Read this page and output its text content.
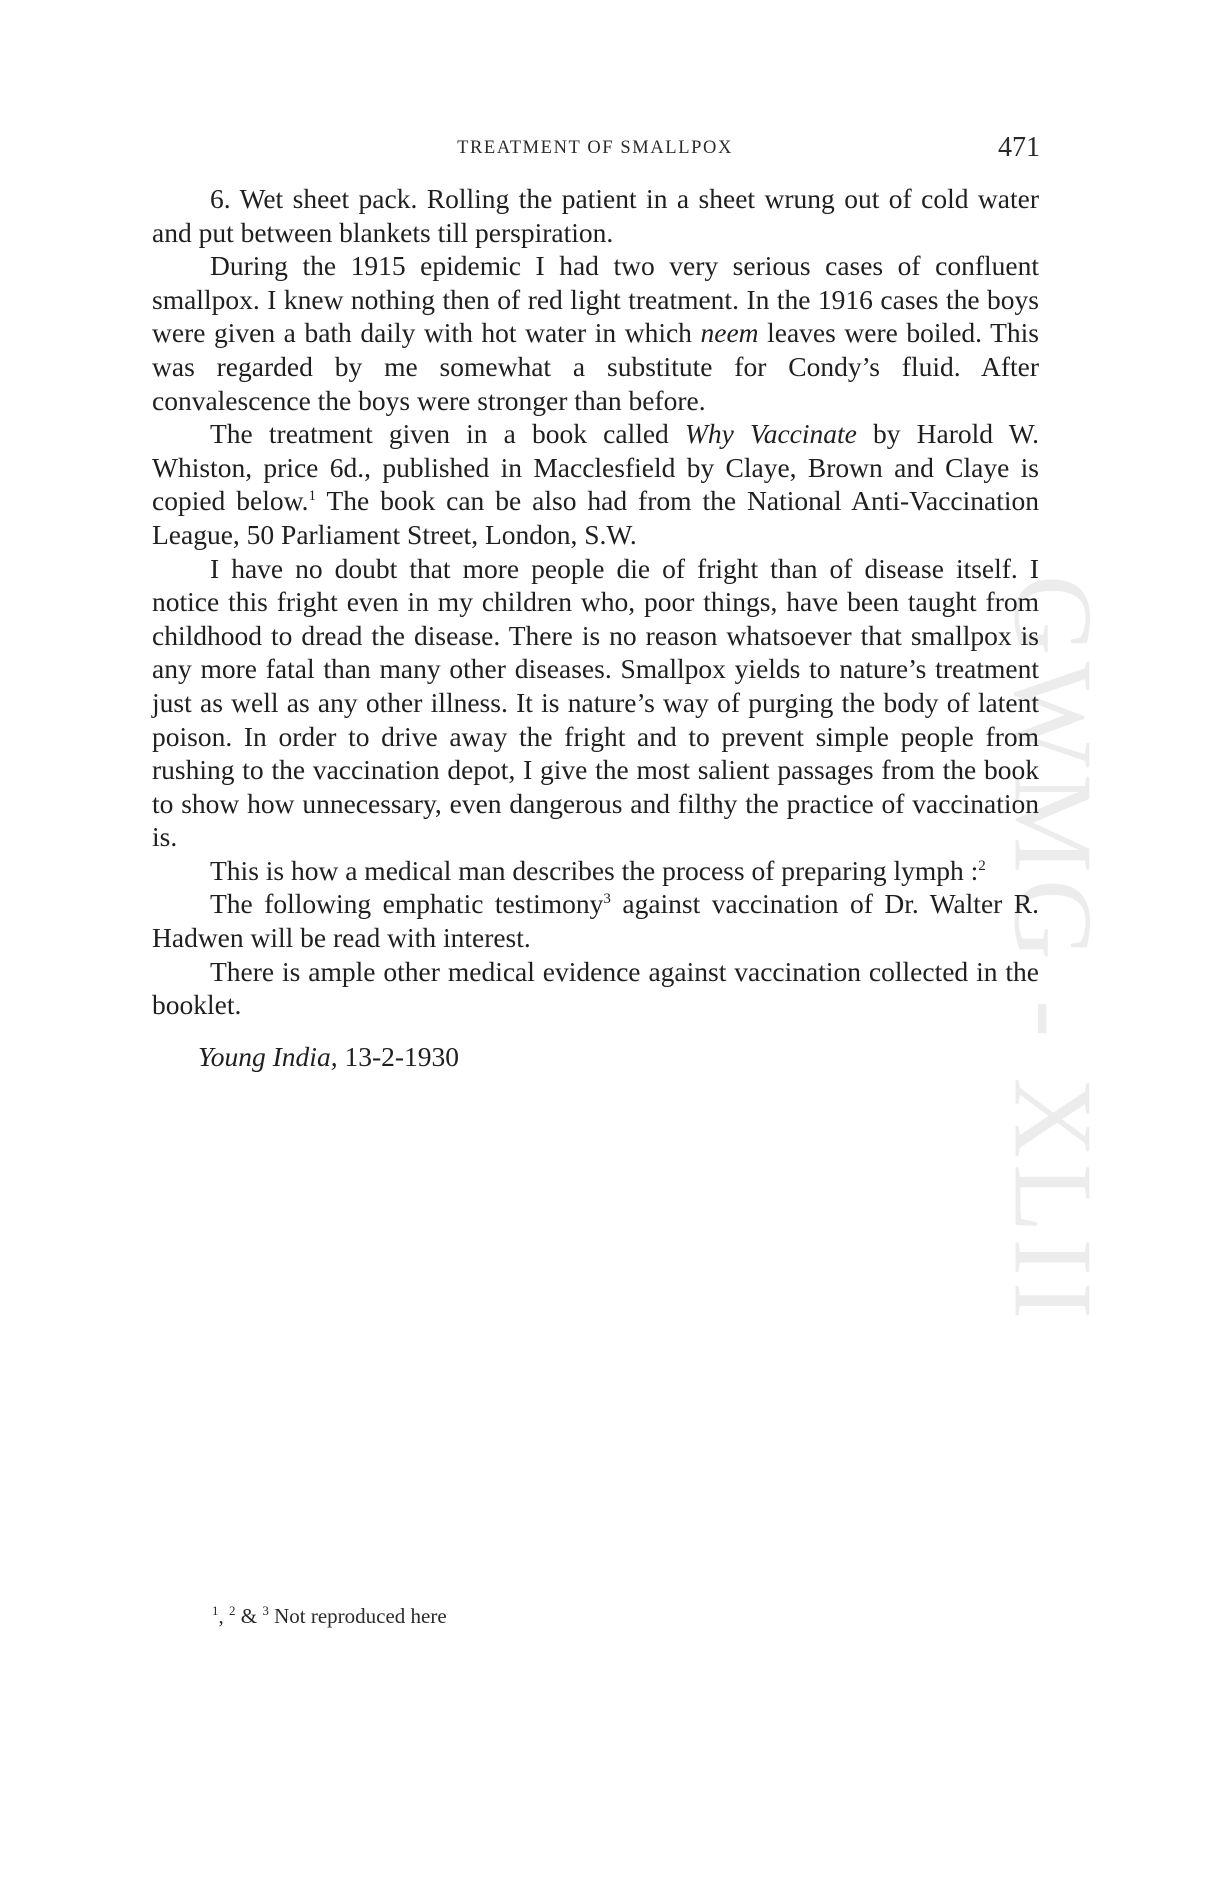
GWMG - XLII
TREATMENT OF SMALLPOX	471

6. Wet sheet pack. Rolling the patient in a sheet wrung out of cold water and put between blankets till perspiration.

During the 1915 epidemic I had two very serious cases of confluent smallpox. I knew nothing then of red light treatment. In the 1916 cases the boys were given a bath daily with hot water in which neem leaves were boiled. This was regarded by me somewhat a substitute for Condy’s fluid. After convalescence the boys were stronger than before.

The treatment given in a book called Why Vaccinate by Harold W. Whiston, price 6d., published in Macclesfield by Claye, Brown and Claye is copied below.$^1$ The book can be also had from the National Anti-Vaccination League, 50 Parliament Street, London, S.W.

I have no doubt that more people die of fright than of disease itself. I notice this fright even in my children who, poor things, have been taught from childhood to dread the disease. There is no reason whatsoever that smallpox is any more fatal than many other diseases. Smallpox yields to nature’s treatment just as well as any other illness. It is nature’s way of purging the body of latent poison. In order to drive away the fright and to prevent simple people from rushing to the vaccination depot, I give the most salient passages from the book to show how unnecessary, even dangerous and filthy the practice of vaccination is.

This is how a medical man describes the process of preparing lymph :$^2$

The following emphatic testimony$^3$ against vaccination of Dr. Walter R. Hadwen will be read with interest.

There is ample other medical evidence against vaccination collected in the booklet.

Young India, 13-2-1930

$^1$, $^2$ & $^3$ Not reproduced here
